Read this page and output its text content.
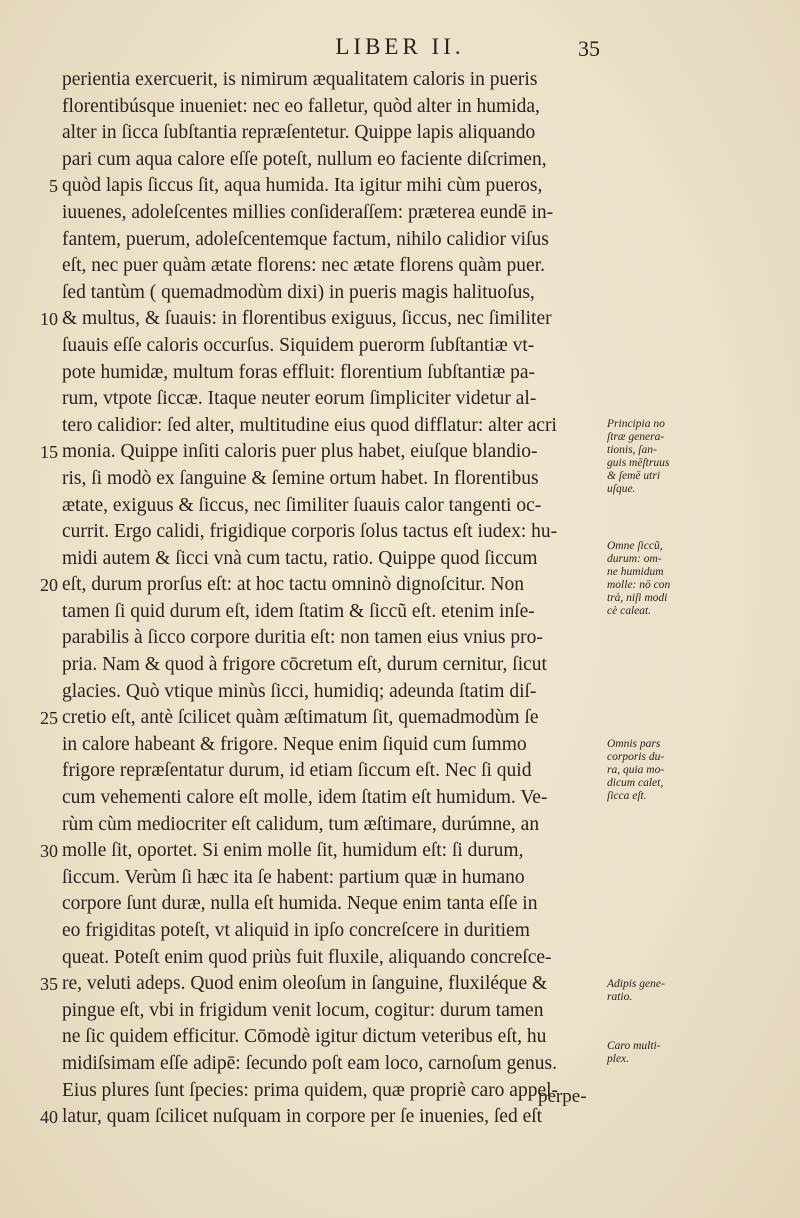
LIBER II.	35
perientia exercuerit, is nimirum æqualitatem caloris in pueris
florentibúsque inueniet: nec eo falletur, quòd alter in humida,
alter in ſicca ſubſtantia repræſentetur. Quippe lapis aliquando
pari cum aqua calore eſſe poteſt, nullum eo faciente diſcrimen,
5 quòd lapis ſiccus ſit, aqua humida. Ita igitur mihi cùm pueros,
iuuenes, adoleſcentes millies conſideraſſem: præterea eundē in-
fantem, puerum, adoleſcentemque factum, nihilo calidior viſus
eſt, nec puer quàm ætate florens: nec ætate florens quàm puer.
ſed tantùm ( quemadmodùm dixi) in pueris magis halituoſus,
10 & multus, & ſuauis: in florentibus exiguus, ſiccus, nec ſimiliter
ſuauis eſſe caloris occurſus. Siquidem puerorm ſubſtantiæ vt-
pote humidæ, multum foras effluit: florentium ſubſtantiæ pa-
rum, vtpote ſiccæ. Itaque neuter eorum ſimpliciter videtur al-
tero calidior: ſed alter, multitudine eius quod difflatur: alter acri
15 monia. Quippe inſiti caloris puer plus habet, eiuſque blandio-
ris, ſi modò ex ſanguine & ſemine ortum habet. In florentibus
ætate, exiguus & ſiccus, nec ſimiliter ſuauis calor tangenti oc-
currit. Ergo calidi, frigidique corporis ſolus tactus eſt iudex: hu-
midi autem & ſicci vnà cum tactu, ratio. Quippe quod ſiccum
20 eſt, durum prorſus eſt: at hoc tactu omninò dignoſcitur. Non
tamen ſi quid durum eſt, idem ſtatim & ſiccũ eſt. etenim inſe-
parabilis à ſicco corpore duritia eſt: non tamen eius vnius pro-
pria. Nam & quod à frigore cōcretum eſt, durum cernitur, ſicut
glacies. Quò vtique minùs ſicci, humidiq; adeunda ſtatim diſ-
25 cretio eſt, antè ſcilicet quàm æſtimatum ſit, quemadmodùm ſe
in calore habeant & frigore. Neque enim ſiquid cum ſummo
frigore repræſentatur durum, id etiam ſiccum eſt. Nec ſi quid
cum vehementi calore eſt molle, idem ſtatim eſt humidum. Ve-
rùm cùm mediocriter eſt calidum, tum æſtimare, durúmne, an
30 molle ſit, oportet. Si enim molle ſit, humidum eſt: ſi durum,
ſiccum. Verùm ſi hæc ita ſe habent: partium quæ in humano
corpore ſunt duræ, nulla eſt humida. Neque enim tanta eſſe in
eo frigiditas poteſt, vt aliquid in ipſo concreſcere in duritiem
queat. Poteſt enim quod priùs fuit fluxile, aliquando concreſce-
35 re, veluti adeps. Quod enim oleoſum in ſanguine, fluxiléque &
pingue eſt, vbi in frigidum venit locum, cogitur: durum tamen
ne ſic quidem efficitur. Cōmodè igitur dictum veteribus eſt, hu
midiſsimam eſſe adipē: ſecundo poſt eam loco, carnoſum genus.
Eius plures ſunt ſpecies: prima quidem, quæ propriè caro appel-
40 latur, quam ſcilicet nuſquam in corpore per ſe inuenies, ſed eſt
Principia no
ſtræ genera-
tionis, ſan-
guis mēſtruus
& ſemē utri
uſque.
Omne ſiccũ,
durum: om-
ne humidum
molle: nō con
trà, niſi modi
cè caleat.
Omnis pars
corporis du-
ra, quia mo-
dicum calet,
ſicca eſt.
Adipis gene-
ratio.
Caro multi-
plex.
perpe-
